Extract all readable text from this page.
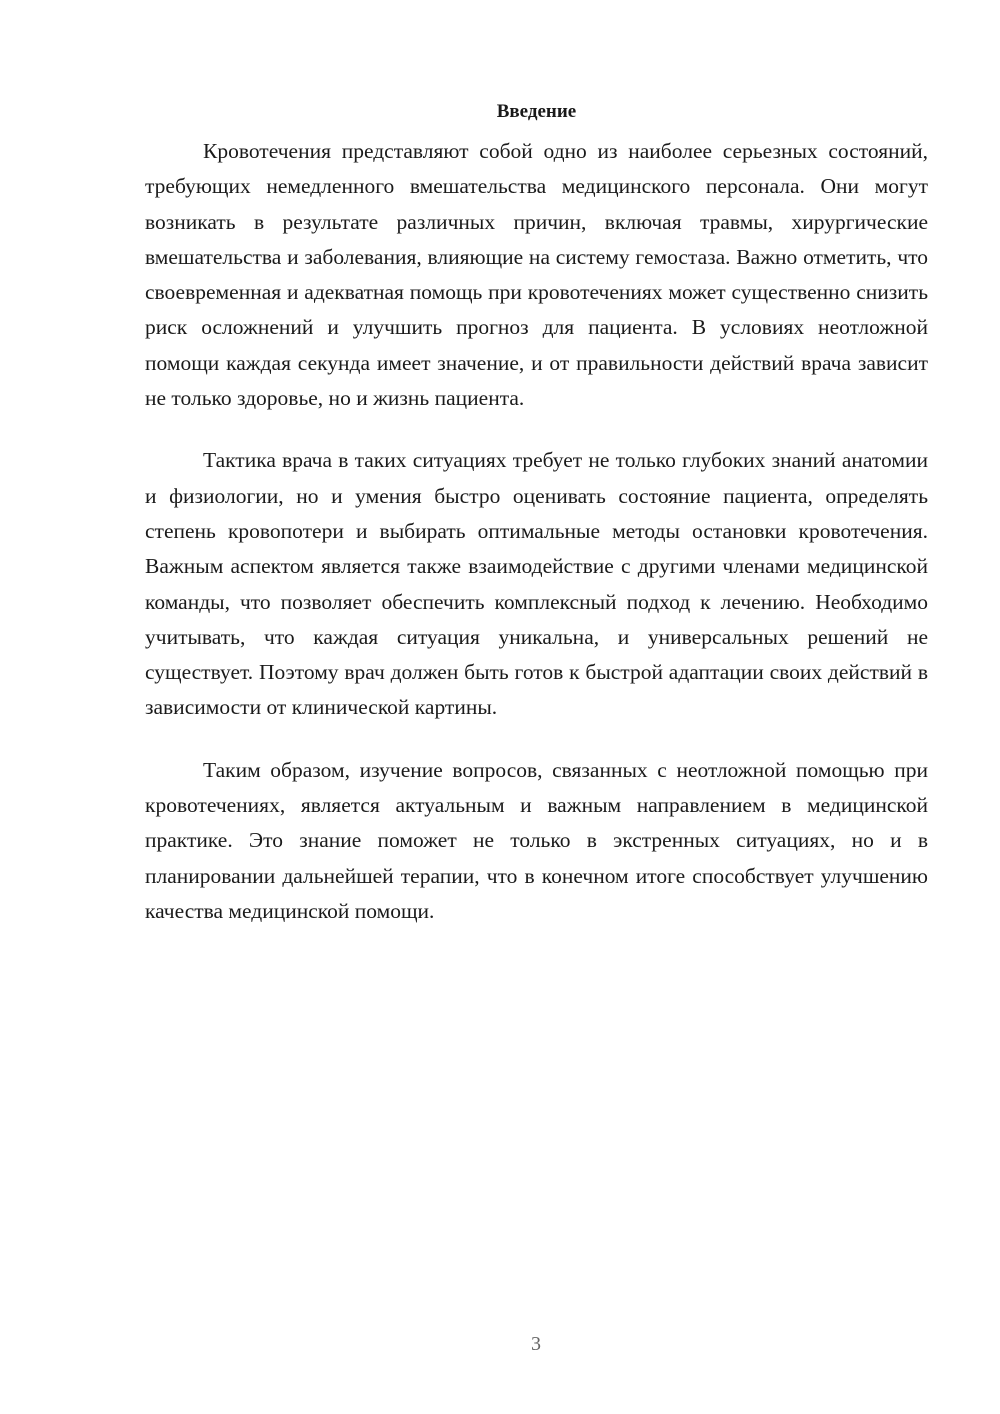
Введение

Кровотечения представляют собой одно из наиболее серьезных состояний, требующих немедленного вмешательства медицинского персонала. Они могут возникать в результате различных причин, включая травмы, хирургические вмешательства и заболевания, влияющие на систему гемостаза. Важно отметить, что своевременная и адекватная помощь при кровотечениях может существенно снизить риск осложнений и улучшить прогноз для пациента. В условиях неотложной помощи каждая секунда имеет значение, и от правильности действий врача зависит не только здоровье, но и жизнь пациента.

Тактика врача в таких ситуациях требует не только глубоких знаний анатомии и физиологии, но и умения быстро оценивать состояние пациента, определять степень кровопотери и выбирать оптимальные методы остановки кровотечения. Важным аспектом является также взаимодействие с другими членами медицинской команды, что позволяет обеспечить комплексный подход к лечению. Необходимо учитывать, что каждая ситуация уникальна, и универсальных решений не существует. Поэтому врач должен быть готов к быстрой адаптации своих действий в зависимости от клинической картины.

Таким образом, изучение вопросов, связанных с неотложной помощью при кровотечениях, является актуальным и важным направлением в медицинской практике. Это знание поможет не только в экстренных ситуациях, но и в планировании дальнейшей терапии, что в конечном итоге способствует улучшению качества медицинской помощи.

3
